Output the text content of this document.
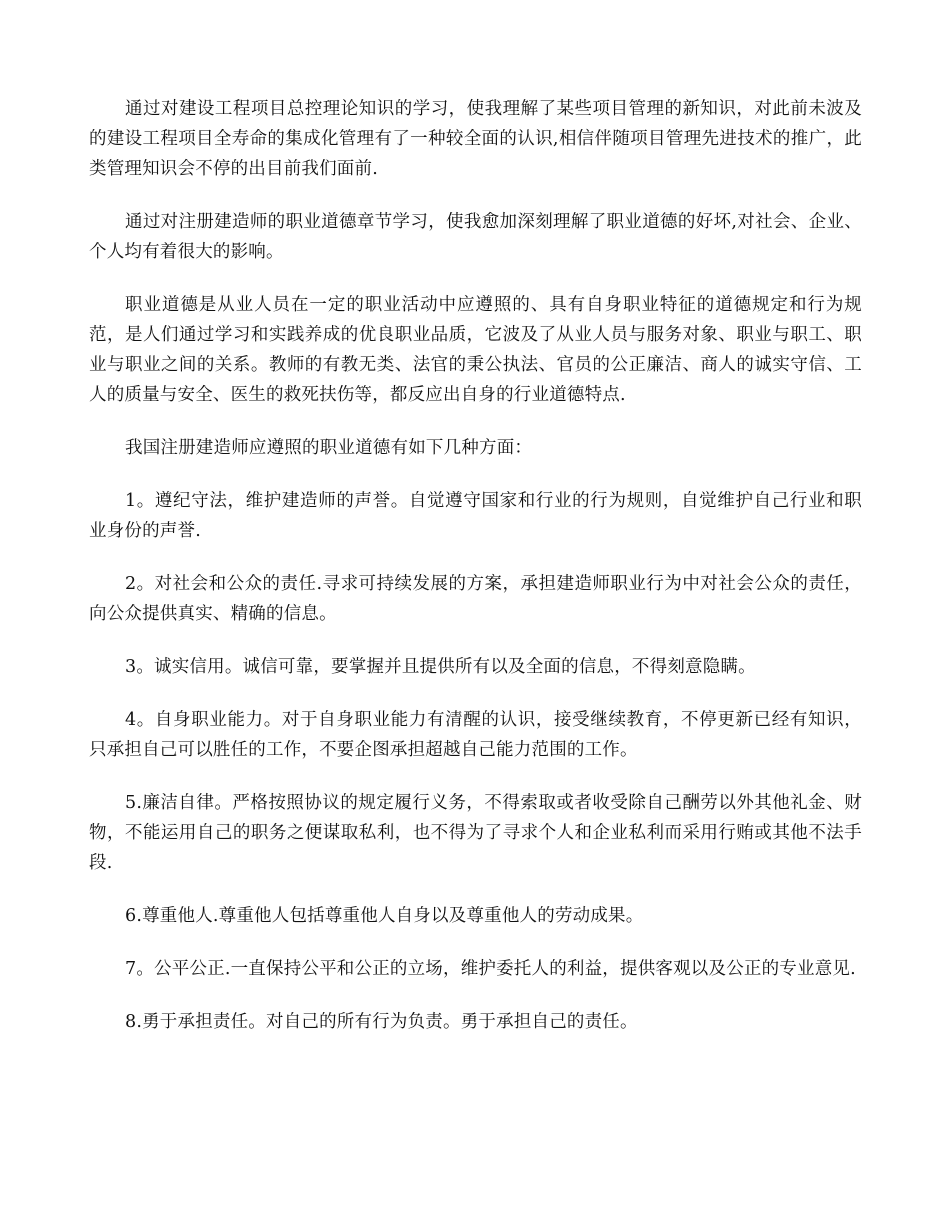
通过对建设工程项目总控理论知识的学习，使我理解了某些项目管理的新知识，对此前未波及的建设工程项目全寿命的集成化管理有了一种较全面的认识,相信伴随项目管理先进技术的推广，此类管理知识会不停的出目前我们面前.

通过对注册建造师的职业道德章节学习，使我愈加深刻理解了职业道德的好坏,对社会、企业、个人均有着很大的影响。

职业道德是从业人员在一定的职业活动中应遵照的、具有自身职业特征的道德规定和行为规范，是人们通过学习和实践养成的优良职业品质，它波及了从业人员与服务对象、职业与职工、职业与职业之间的关系。教师的有教无类、法官的秉公执法、官员的公正廉洁、商人的诚实守信、工人的质量与安全、医生的救死扶伤等，都反应出自身的行业道德特点.

我国注册建造师应遵照的职业道德有如下几种方面：

1。遵纪守法，维护建造师的声誉。自觉遵守国家和行业的行为规则，自觉维护自己行业和职业身份的声誉.

2。对社会和公众的责任.寻求可持续发展的方案，承担建造师职业行为中对社会公众的责任，向公众提供真实、精确的信息。

3。诚实信用。诚信可靠，要掌握并且提供所有以及全面的信息，不得刻意隐瞒。

4。自身职业能力。对于自身职业能力有清醒的认识，接受继续教育，不停更新已经有知识，只承担自己可以胜任的工作，不要企图承担超越自己能力范围的工作。

5.廉洁自律。严格按照协议的规定履行义务，不得索取或者收受除自己酬劳以外其他礼金、财物，不能运用自己的职务之便谋取私利，也不得为了寻求个人和企业私利而采用行贿或其他不法手段.

6.尊重他人.尊重他人包括尊重他人自身以及尊重他人的劳动成果。

7。公平公正.一直保持公平和公正的立场，维护委托人的利益，提供客观以及公正的专业意见.

8.勇于承担责任。对自己的所有行为负责。勇于承担自己的责任。
